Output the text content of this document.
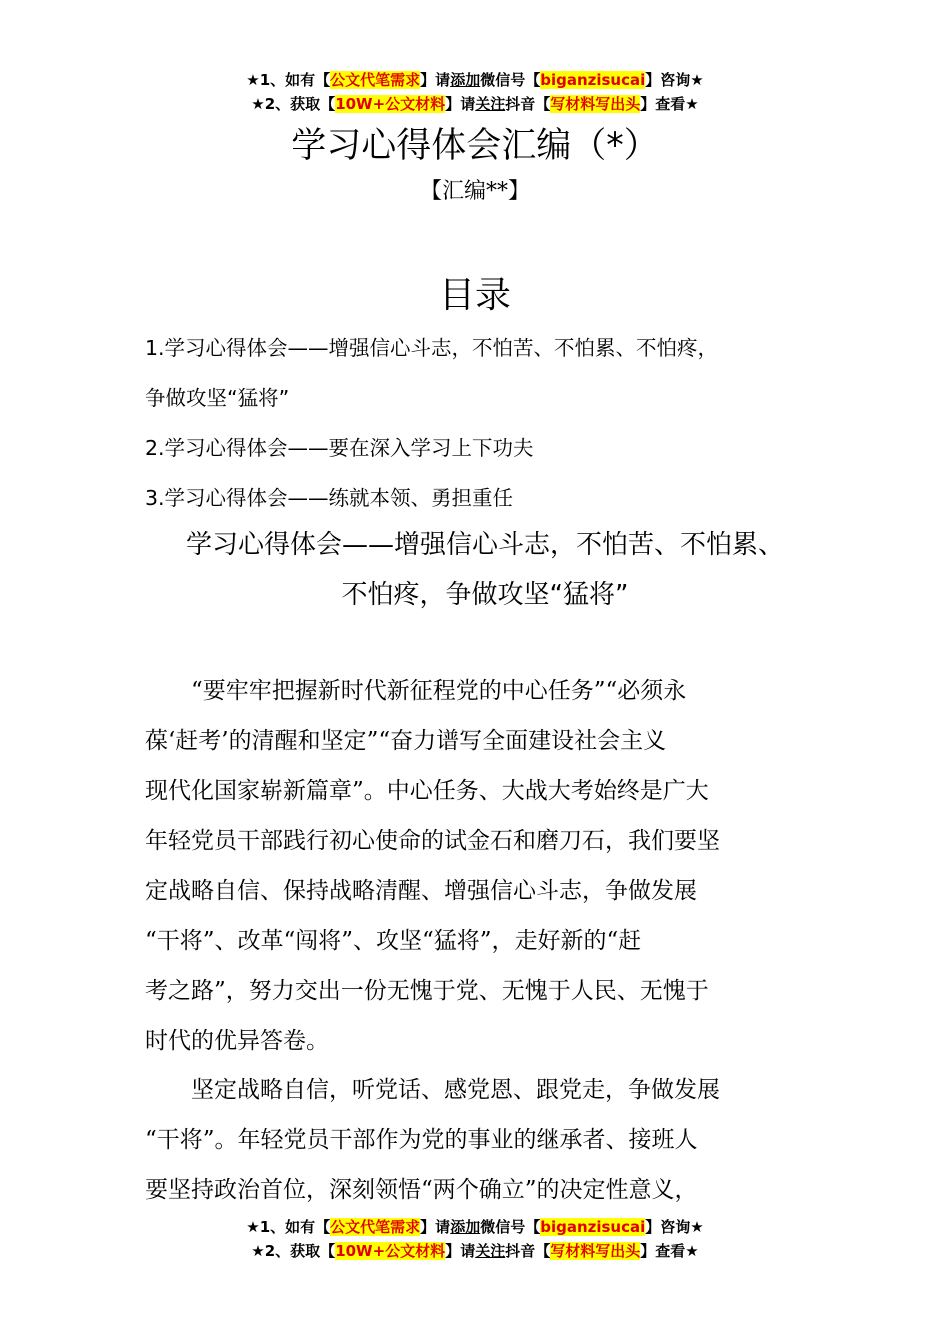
★1、如有【公文代笔需求】请添加微信号【biganzisucai】咨询★
★2、获取【10W+公文材料】请关注抖音【写材料写出头】查看★
学习心得体会汇编（*）
【汇编**】
目录
1.学习心得体会——增强信心斗志，不怕苦、不怕累、不怕疼，
争做攻坚“猛将”
2.学习心得体会——要在深入学习上下功夫
3.学习心得体会——练就本领、勇担重任
学习心得体会——增强信心斗志，不怕苦、不怕累、
不怕疼，争做攻坚“猛将”
“要牢牢把握新时代新征程党的中心任务”“必须永
葆‘赶考’的清醒和坚定”“奋力谱写全面建设社会主义
现代化国家崭新篇章”。中心任务、大战大考始终是广大
年轻党员干部践行初心使命的试金石和磨刀石，我们要坚
定战略自信、保持战略清醒、增强信心斗志，争做发展
“干将”、改革“闯将”、攻坚“猛将”，走好新的“赶
考之路”，努力交出一份无愧于党、无愧于人民、无愧于
时代的优异答卷。
坚定战略自信，听党话、感党恩、跟党走，争做发展
“干将”。年轻党员干部作为党的事业的继承者、接班人
要坚持政治首位，深刻领悟“两个确立”的决定性意义，
★1、如有【公文代笔需求】请添加微信号【biganzisucai】咨询★
★2、获取【10W+公文材料】请关注抖音【写材料写出头】查看★
